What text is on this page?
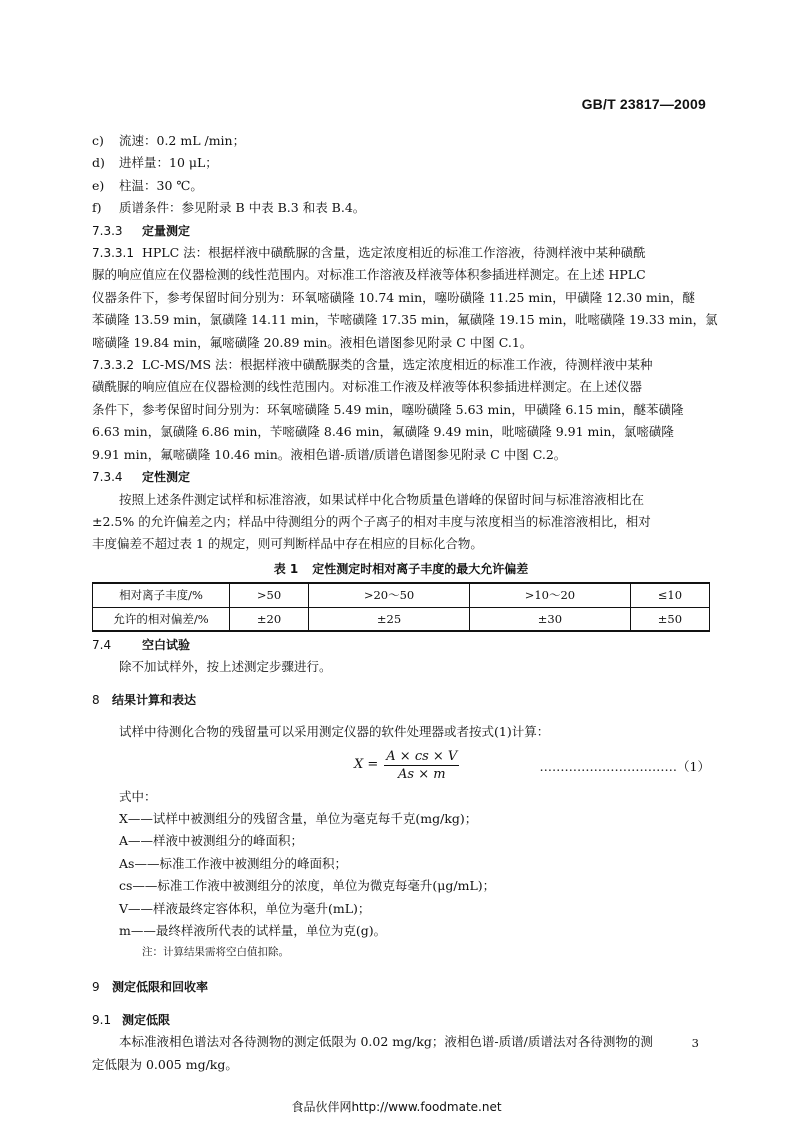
GB/T 23817—2009
c)	流速：0.2 mL /min；
d)	进样量：10 μL；
e)	柱温：30 ℃。
f)	质谱条件：参见附录 B 中表 B.3 和表 B.4。
7.3.3 定量测定
7.3.3.1 HPLC 法：根据样液中磺酰脲的含量，选定浓度相近的标准工作溶液，待测样液中某种磺酰
脲的响应值应在仪器检测的线性范围内。对标准工作溶液及样液等体积参插进样测定。在上述 HPLC
仪器条件下，参考保留时间分别为：环氧嘧磺隆 10.74 min，噻吩磺隆 11.25 min，甲磺隆 12.30 min，醚
苯磺隆 13.59 min，氯磺隆 14.11 min，苄嘧磺隆 17.35 min，氟磺隆 19.15 min，吡嘧磺隆 19.33 min，氯
嘧磺隆 19.84 min，氟嘧磺隆 20.89 min。液相色谱图参见附录 C 中图 C.1。
7.3.3.2 LC-MS/MS 法：根据样液中磺酰脲类的含量，选定浓度相近的标准工作液，待测样液中某种
磺酰脲的响应值应在仪器检测的线性范围内。对标准工作液及样液等体积参插进样测定。在上述仪器
条件下，参考保留时间分别为：环氧嘧磺隆 5.49 min，噻吩磺隆 5.63 min，甲磺隆 6.15 min，醚苯磺隆
6.63 min，氯磺隆 6.86 min，苄嘧磺隆 8.46 min，氟磺隆 9.49 min，吡嘧磺隆 9.91 min，氯嘧磺隆
9.91 min，氟嘧磺隆 10.46 min。液相色谱-质谱/质谱色谱图参见附录 C 中图 C.2。
7.3.4 定性测定
按照上述条件测定试样和标准溶液，如果试样中化合物质量色谱峰的保留时间与标准溶液相比在
±2.5% 的允许偏差之内；样品中待测组分的两个子离子的相对丰度与浓度相当的标准溶液相比，相对
丰度偏差不超过表 1 的规定，则可判断样品中存在相应的目标化合物。
表 1 定性测定时相对离子丰度的最大允许偏差
相对离子丰度/%	>50	>20～50	>10～20	≤10
允许的相对偏差/%	±20	±25	±30	±50
7.4	空白试验
除不加试样外，按上述测定步骤进行。
8 结果计算和表达
试样中待测化合物的残留量可以采用测定仪器的软件处理器或者按式(1)计算：
$X = \frac{A \times cs \times V}{As \times m}$	……………………………（1）
式中：
X——试样中被测组分的残留含量，单位为毫克每千克(mg/kg)；
A——样液中被测组分的峰面积；
As——标准工作液中被测组分的峰面积；
cs——标准工作液中被测组分的浓度，单位为微克每毫升(μg/mL)；
V——样液最终定容体积，单位为毫升(mL)；
m——最终样液所代表的试样量，单位为克(g)。
注：计算结果需将空白值扣除。
9 测定低限和回收率
9.1 测定低限
本标准液相色谱法对各待测物的测定低限为 0.02 mg/kg；液相色谱-质谱/质谱法对各待测物的测
定低限为 0.005 mg/kg。
3
食品伙伴网http://www.foodmate.net
